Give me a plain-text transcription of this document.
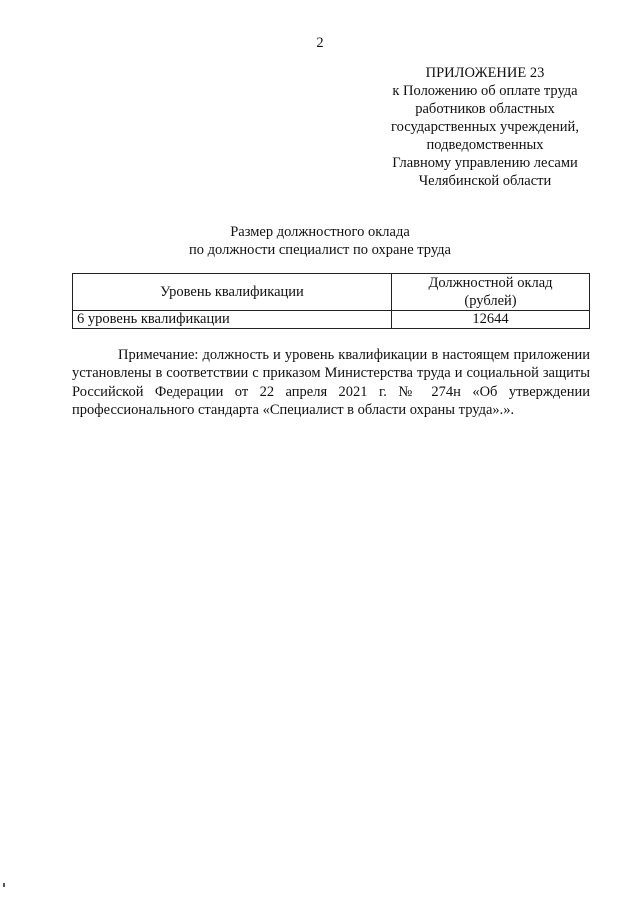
2
ПРИЛОЖЕНИЕ 23
к Положению об оплате труда
работников областных
государственных учреждений,
подведомственных
Главному управлению лесами
Челябинской области
Размер должностного оклада
по должности специалист по охране труда
Уровень квалификации	Должностной оклад
(рублей)

6 уровень квалификации	12644
Примечание: должность и уровень квалификации в настоящем приложении установлены в соответствии с приказом Министерства труда и социальной защиты Российской Федерации от 22 апреля 2021 г. № 274н «Об утверждении профессионального стандарта «Специалист в области охраны труда».».
